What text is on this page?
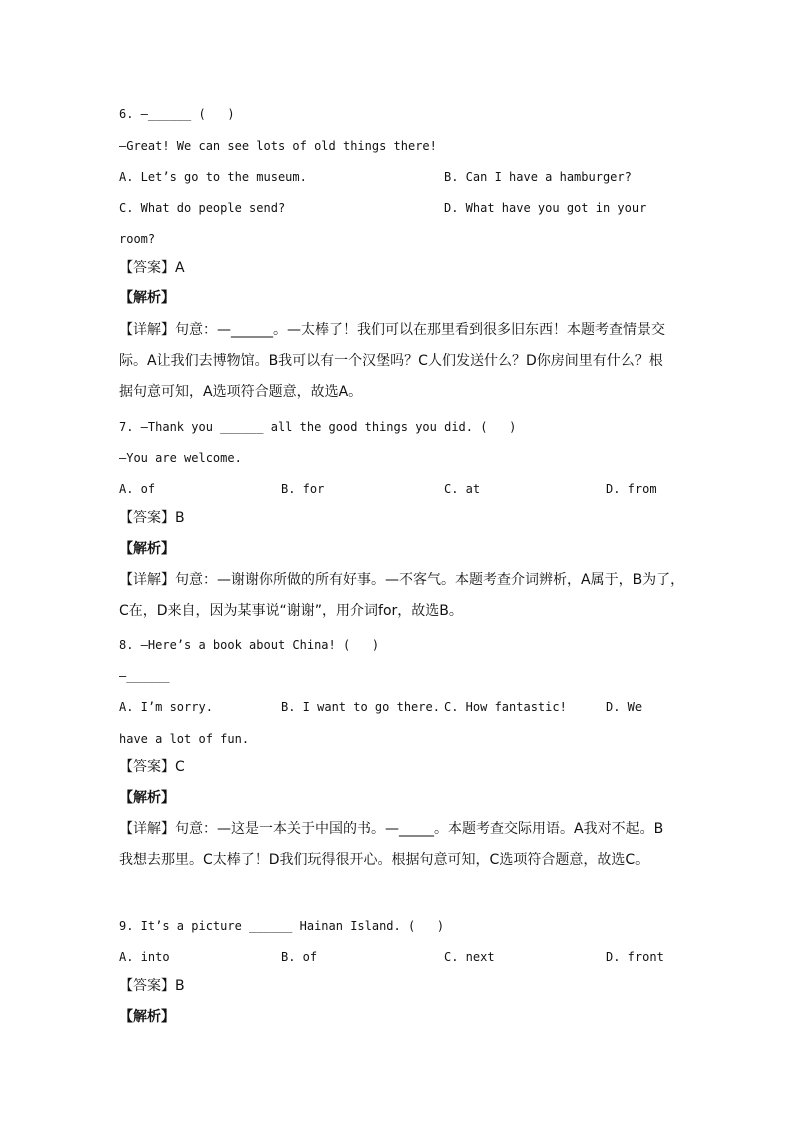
6. —______ (   )
—Great! We can see lots of old things there!
A. Let’s go to the museum.	B. Can I have a hamburger?
C. What do people send?	D. What have you got in your
room?
【答案】A
【解析】
【详解】句意：—______。—太棒了！我们可以在那里看到很多旧东西！本题考查情景交
际。A让我们去博物馆。B我可以有一个汉堡吗？C人们发送什么？D你房间里有什么？根
据句意可知，A选项符合题意，故选A。
7. —Thank you ______ all the good things you did. (   )
—You are welcome.
A. of	B. for	C. at	D. from
【答案】B
【解析】
【详解】句意：—谢谢你所做的所有好事。—不客气。本题考查介词辨析，A属于，B为了，
C在，D来自，因为某事说“谢谢”，用介词for，故选B。
8. —Here’s a book about China! (   )
—______
A. I’m sorry.	B. I want to go there. C. How fantastic!	D. We
have a lot of fun.
【答案】C
【解析】
【详解】句意：—这是一本关于中国的书。—_____。本题考查交际用语。A我对不起。B
我想去那里。C太棒了！D我们玩得很开心。根据句意可知，C选项符合题意，故选C。
9. It’s a picture ______ Hainan Island. (   )
A. into	B. of	C. next	D. front
【答案】B
【解析】
